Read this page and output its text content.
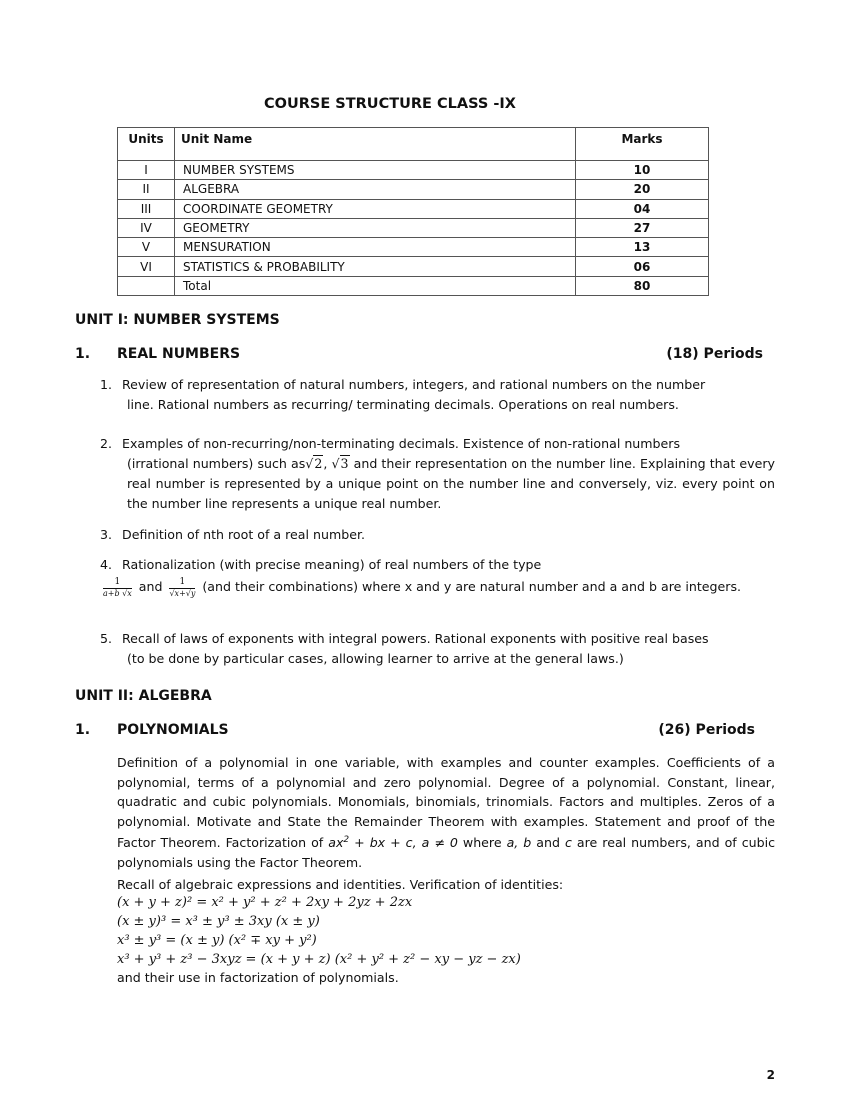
COURSE STRUCTURE CLASS -IX
Units	Unit Name	Marks
I	NUMBER SYSTEMS	10
II	ALGEBRA	20
III	COORDINATE GEOMETRY	04
IV	GEOMETRY	27
V	MENSURATION	13
VI	STATISTICS & PROBABILITY	06
	Total	80
UNIT I: NUMBER SYSTEMS
1. REAL NUMBERS	(18) Periods
1. Review of representation of natural numbers, integers, and rational numbers on the number
line. Rational numbers as recurring/ terminating decimals. Operations on real numbers.
2. Examples of non-recurring/non-terminating decimals. Existence of non-rational numbers
(irrational numbers) such as√2, √3 and their representation on the number line. Explaining that every real number is represented by a unique point on the number line and conversely, viz. every point on the number line represents a unique real number.
3. Definition of nth root of a real number.
4. Rationalization (with precise meaning) of real numbers of the type

$\frac{1}{a+b √x}$ and $\frac{1}{√x+√y} (and$ their combinations) where x and y are natural number and a and b are integers.
5. Recall of laws of exponents with integral powers. Rational exponents with positive real bases
(to be done by particular cases, allowing learner to arrive at the general laws.)
UNIT II: ALGEBRA
1. POLYNOMIALS	(26) Periods
Definition of a polynomial in one variable, with examples and counter examples. Coefficients of a polynomial, terms of a polynomial and zero polynomial. Degree of a polynomial. Constant, linear, quadratic and cubic polynomials. Monomials, binomials, trinomials. Factors and multiples. Zeros of a polynomial. Motivate and State the Remainder Theorem with examples. Statement and proof of the Factor Theorem. Factorization of $ax^2$ + bx + c, a ≠ 0 where a, b and c are real numbers, and of cubic polynomials using the Factor Theorem.
Recall of algebraic expressions and identities. Verification of identities:
(x + y + z)² = x² + y² + z² + 2xy + 2yz + 2zx
(x ± y)³ = x³ ± y³ ± 3xy (x ± y)
x³ ± y³ = (x ± y) (x² ∓ xy + y²)
x³ + y³ + z³ − 3xyz = (x + y + z) (x² + y² + z² − xy − yz − zx)
and their use in factorization of polynomials.
2
